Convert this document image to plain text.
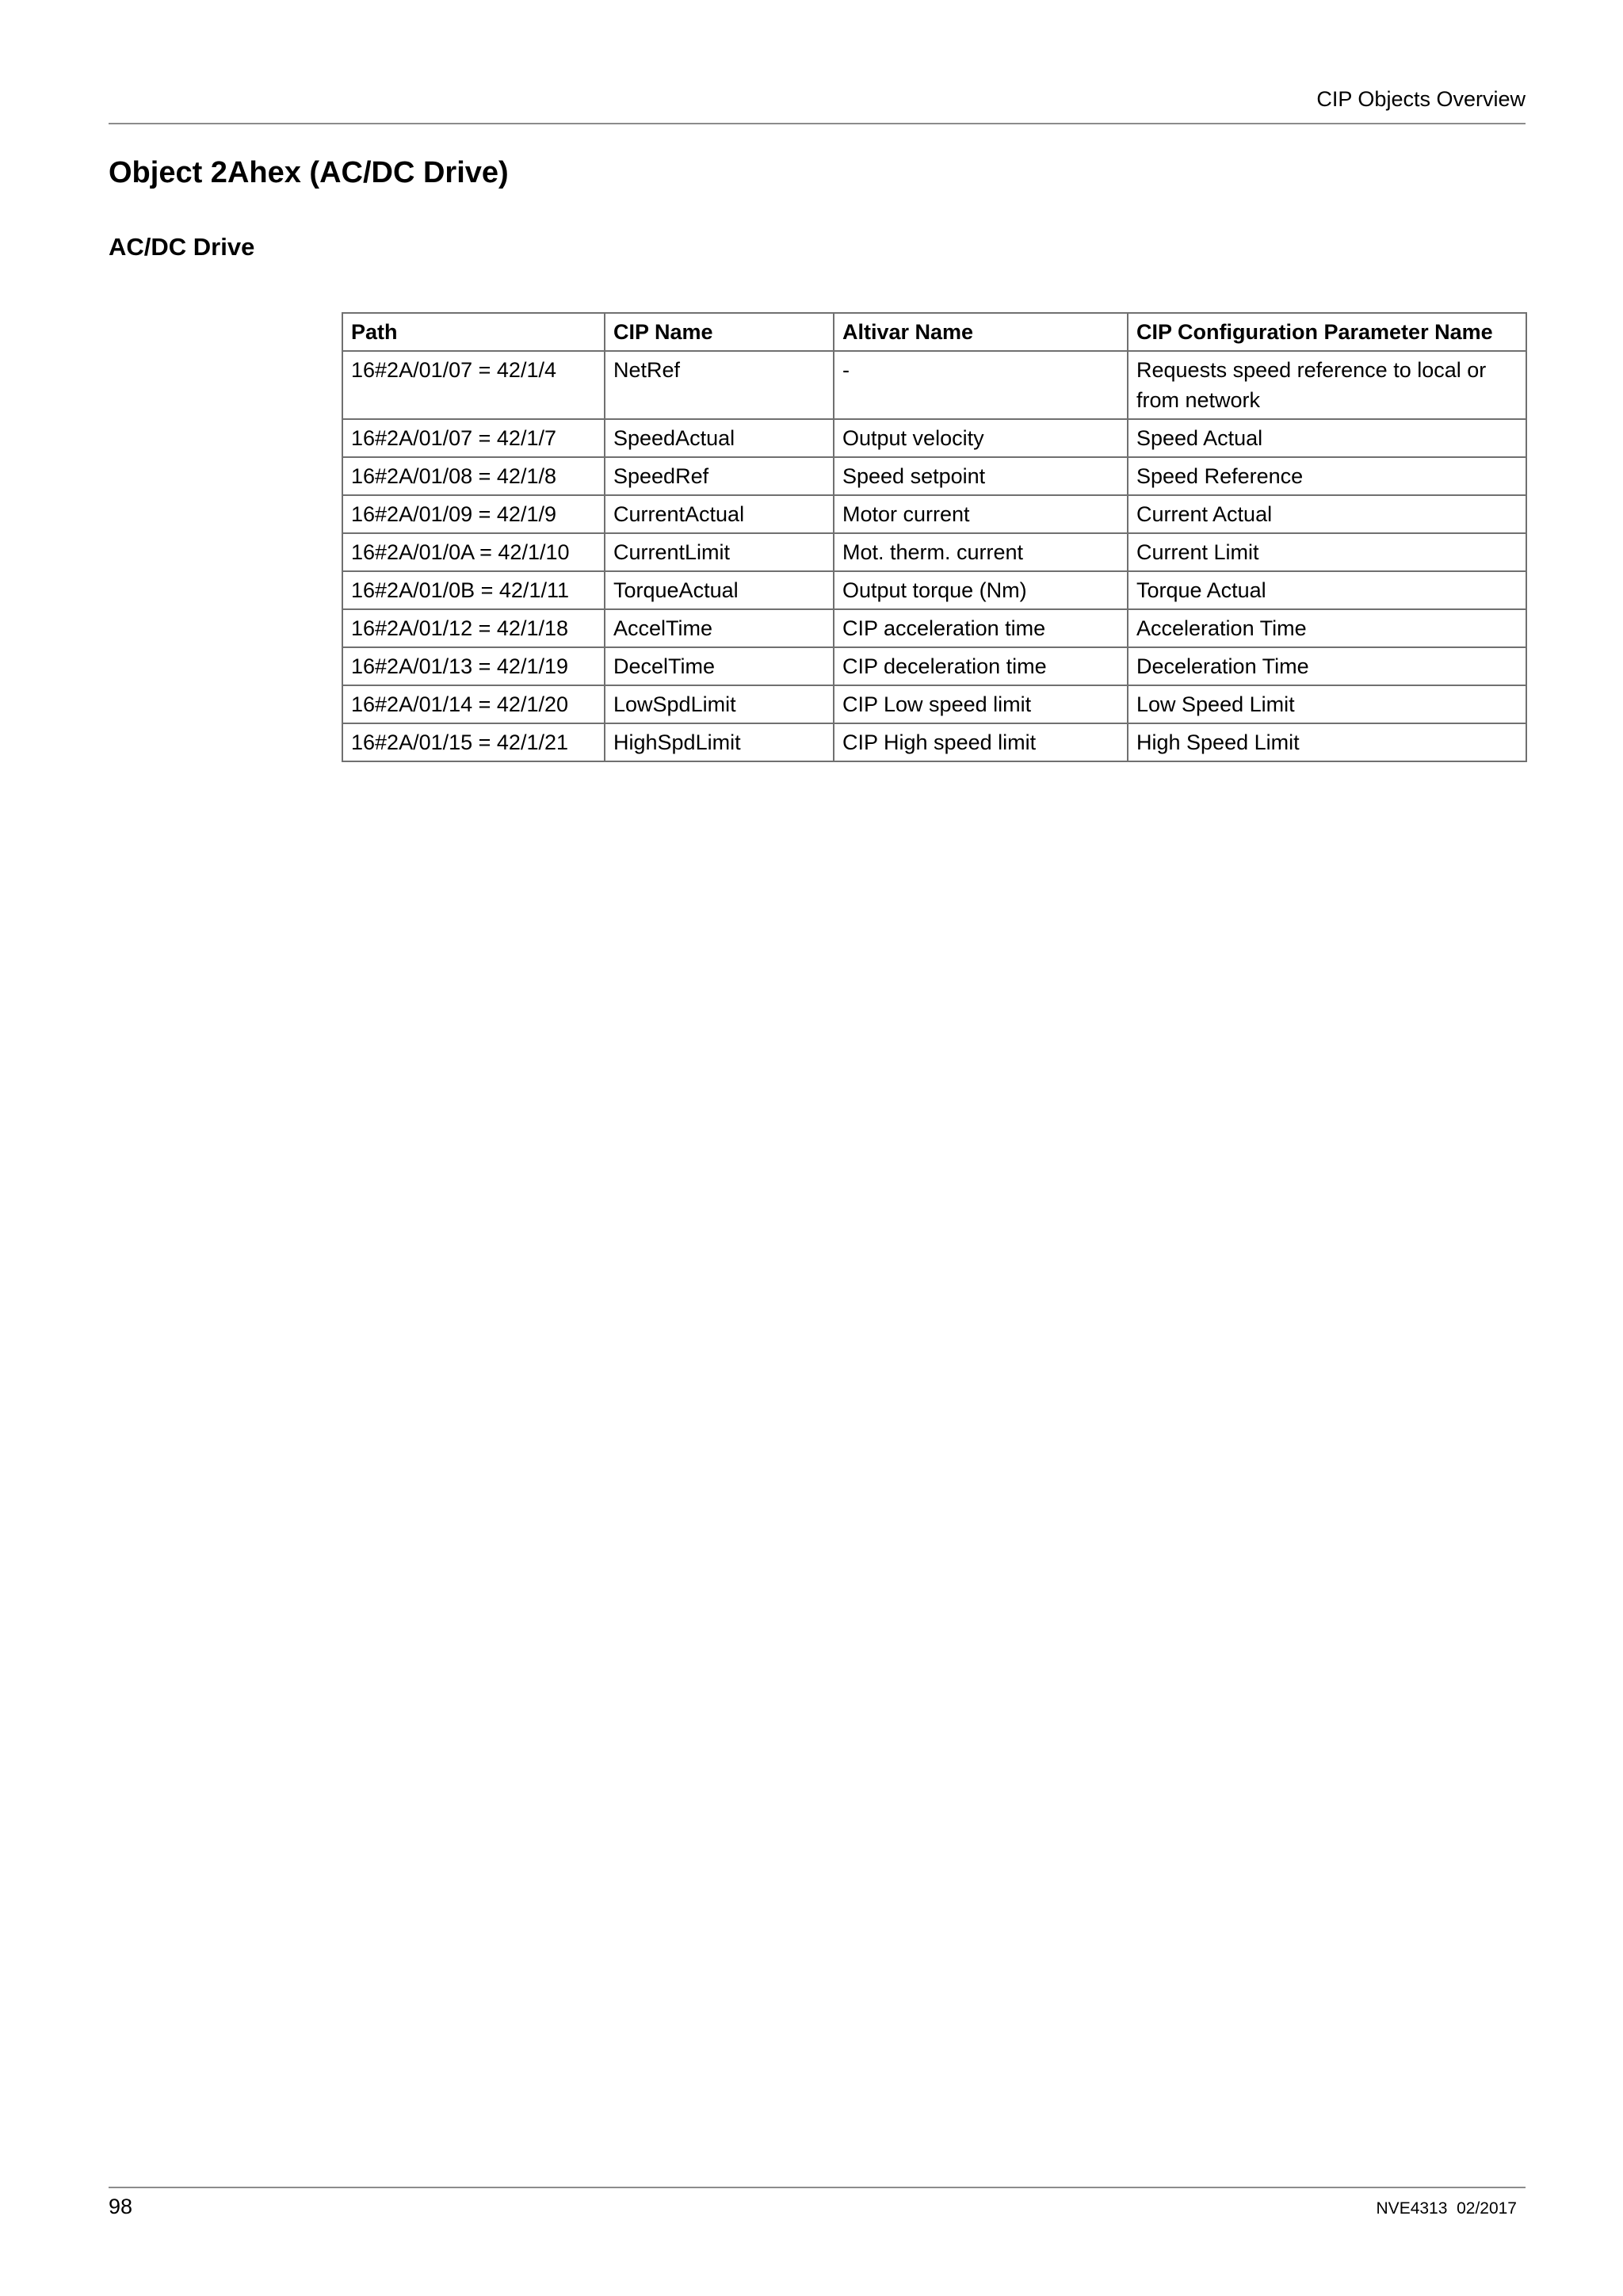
CIP Objects Overview
Object 2Ahex (AC/DC Drive)
AC/DC Drive
Path	CIP Name	Altivar Name	CIP Configuration Parameter Name
16#2A/01/07 = 42/1/4	NetRef	-	Requests speed reference to local or from network
16#2A/01/07 = 42/1/7	SpeedActual	Output velocity	Speed Actual
16#2A/01/08 = 42/1/8	SpeedRef	Speed setpoint	Speed Reference
16#2A/01/09 = 42/1/9	CurrentActual	Motor current	Current Actual
16#2A/01/0A = 42/1/10	CurrentLimit	Mot. therm. current	Current Limit
16#2A/01/0B = 42/1/11	TorqueActual	Output torque (Nm)	Torque Actual
16#2A/01/12 = 42/1/18	AccelTime	CIP acceleration time	Acceleration Time
16#2A/01/13 = 42/1/19	DecelTime	CIP deceleration time	Deceleration Time
16#2A/01/14 = 42/1/20	LowSpdLimit	CIP Low speed limit	Low Speed Limit
16#2A/01/15 = 42/1/21	HighSpdLimit	CIP High speed limit	High Speed Limit
98	NVE4313  02/2017
